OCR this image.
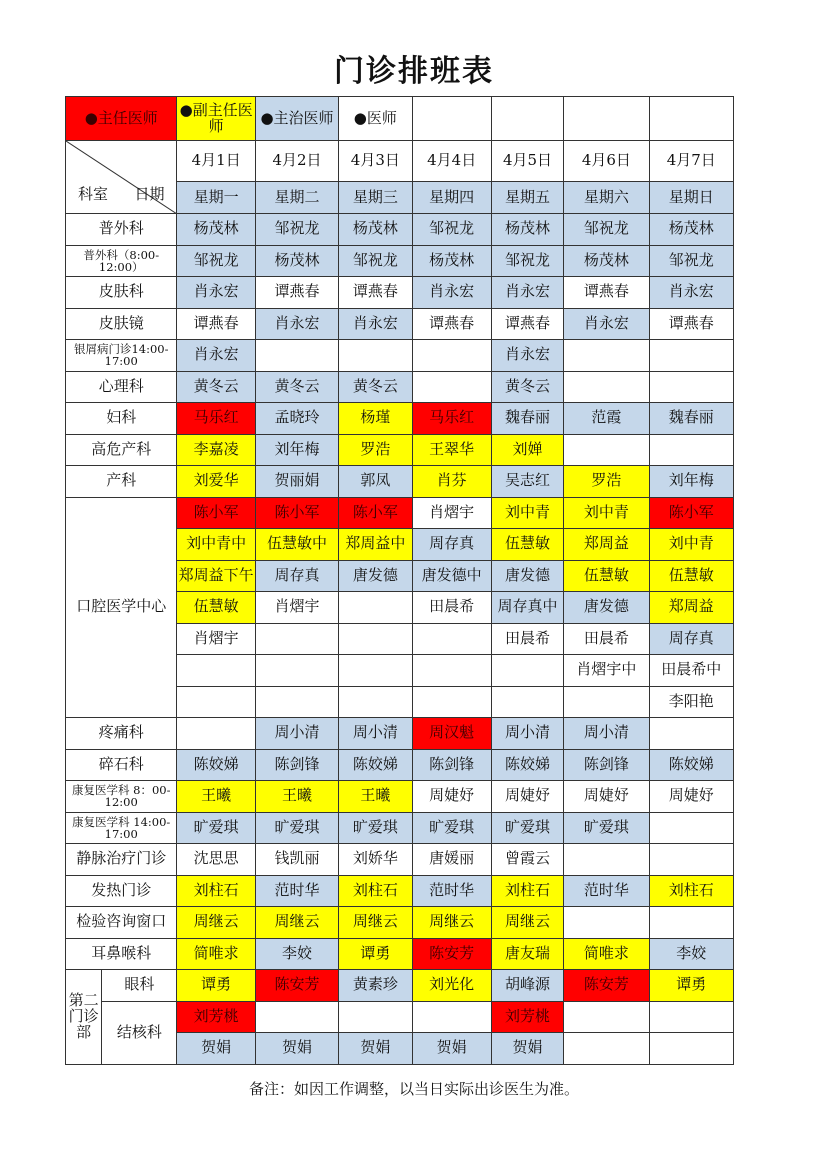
门诊排班表
●主任医师		●副主任医师	●主治医师	●医师				

科室 日期		4月1日	4月2日	4月3日	4月4日	4月5日	4月6日	4月7日
		星期一	星期二	星期三	星期四	星期五	星期六	星期日
普外科		杨茂林	邹祝龙	杨茂林	邹祝龙	杨茂林	邹祝龙	杨茂林
普外科（8:00-12:00）		邹祝龙	杨茂林	邹祝龙	杨茂林	邹祝龙	杨茂林	邹祝龙
皮肤科		肖永宏	谭燕春	谭燕春	肖永宏	肖永宏	谭燕春	肖永宏
皮肤镜		谭燕春	肖永宏	肖永宏	谭燕春	谭燕春	肖永宏	谭燕春
银屑病门诊14:00-17:00		肖永宏				肖永宏		
心理科		黄冬云	黄冬云	黄冬云		黄冬云		
妇科		马乐红	孟晓玲	杨瑾	马乐红	魏春丽	范霞	魏春丽
高危产科		李嘉凌	刘年梅	罗浩	王翠华	刘婵		
产科		刘爱华	贺丽娟	郭凤	肖芬	吴志红	罗浩	刘年梅
口腔医学中心		陈小军	陈小军	陈小军	肖熠宇	刘中青	刘中青	陈小军
		刘中青中	伍慧敏中	郑周益中	周存真	伍慧敏	郑周益	刘中青
		郑周益下午	周存真	唐发德	唐发德中	唐发德	伍慧敏	伍慧敏
		伍慧敏	肖熠宇		田晨希	周存真中	唐发德	郑周益
		肖熠宇				田晨希	田晨希	周存真
							肖熠宇中	田晨希中
								李阳艳
疼痛科			周小清	周小清	周汉魁	周小清	周小清	
碎石科		陈姣娣	陈剑锋	陈姣娣	陈剑锋	陈姣娣	陈剑锋	陈姣娣
康复医学科 8：00-12:00		王曦	王曦	王曦	周婕妤	周婕妤	周婕妤	周婕妤
康复医学科 14:00-17:00		旷爱琪	旷爱琪	旷爱琪	旷爱琪	旷爱琪	旷爱琪	
静脉治疗门诊		沈思思	钱凯丽	刘娇华	唐媛丽	曾霞云		
发热门诊		刘柱石	范时华	刘柱石	范时华	刘柱石	范时华	刘柱石
检验咨询窗口		周继云	周继云	周继云	周继云	周继云		
耳鼻喉科		简唯求	李姣	谭勇	陈安芳	唐友瑞	简唯求	李姣
第二门诊部	眼科	谭勇	陈安芳	黄素珍	刘光化	胡峰源	陈安芳	谭勇
	结核科	刘芳桃				刘芳桃		
		贺娟	贺娟	贺娟	贺娟	贺娟		
备注：如因工作调整，以当日实际出诊医生为准。
